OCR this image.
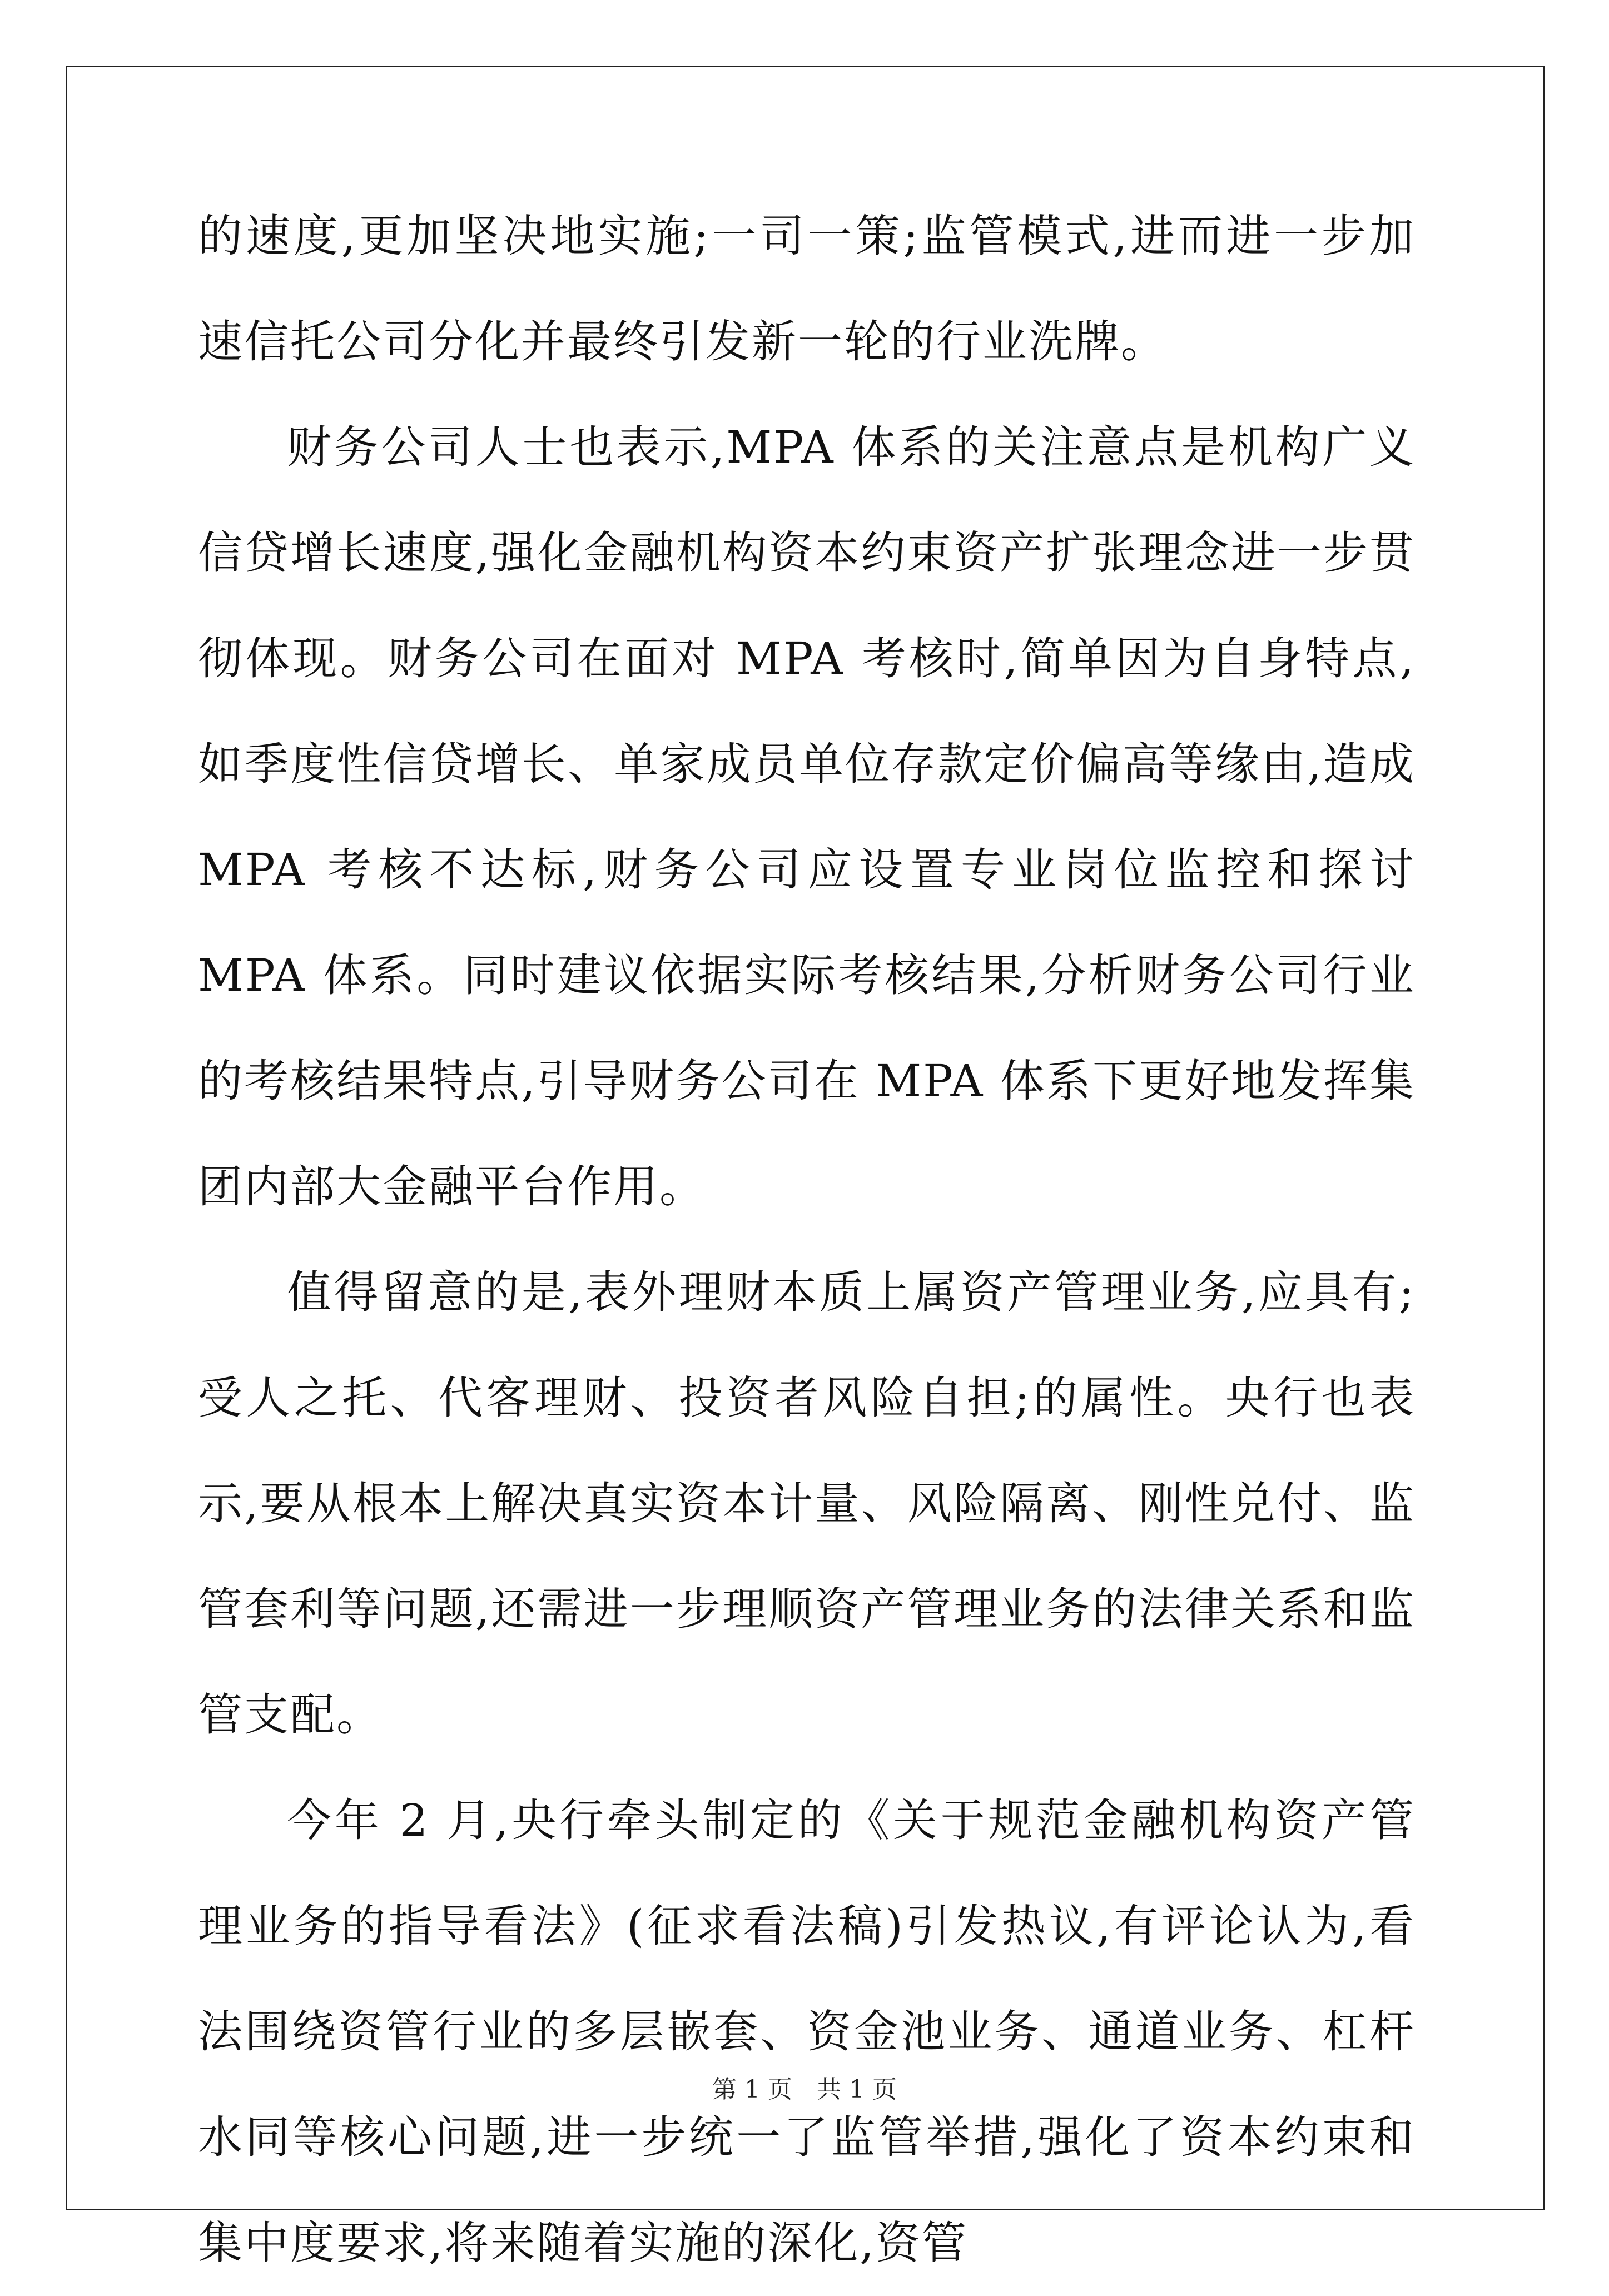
的速度,更加坚决地实施;一司一策;监管模式,进而进一步加速信托公司分化并最终引发新一轮的行业洗牌。

财务公司人士也表示,MPA 体系的关注意点是机构广义信贷增长速度,强化金融机构资本约束资产扩张理念进一步贯彻体现。财务公司在面对 MPA 考核时,简单因为自身特点,如季度性信贷增长、单家成员单位存款定价偏高等缘由,造成 MPA 考核不达标,财务公司应设置专业岗位监控和探讨 MPA 体系。同时建议依据实际考核结果,分析财务公司行业的考核结果特点,引导财务公司在 MPA 体系下更好地发挥集团内部大金融平台作用。

值得留意的是,表外理财本质上属资产管理业务,应具有;受人之托、代客理财、投资者风险自担;的属性。央行也表示,要从根本上解决真实资本计量、风险隔离、刚性兑付、监管套利等问题,还需进一步理顺资产管理业务的法律关系和监管支配。

今年 2 月,央行牵头制定的《关于规范金融机构资产管理业务的指导看法》(征求看法稿)引发热议,有评论认为,看法围绕资管行业的多层嵌套、资金池业务、通道业务、杠杆水同等核心问题,进一步统一了监管举措,强化了资本约束和集中度要求,将来随着实施的深化,资管

第 1 页　共 1 页
